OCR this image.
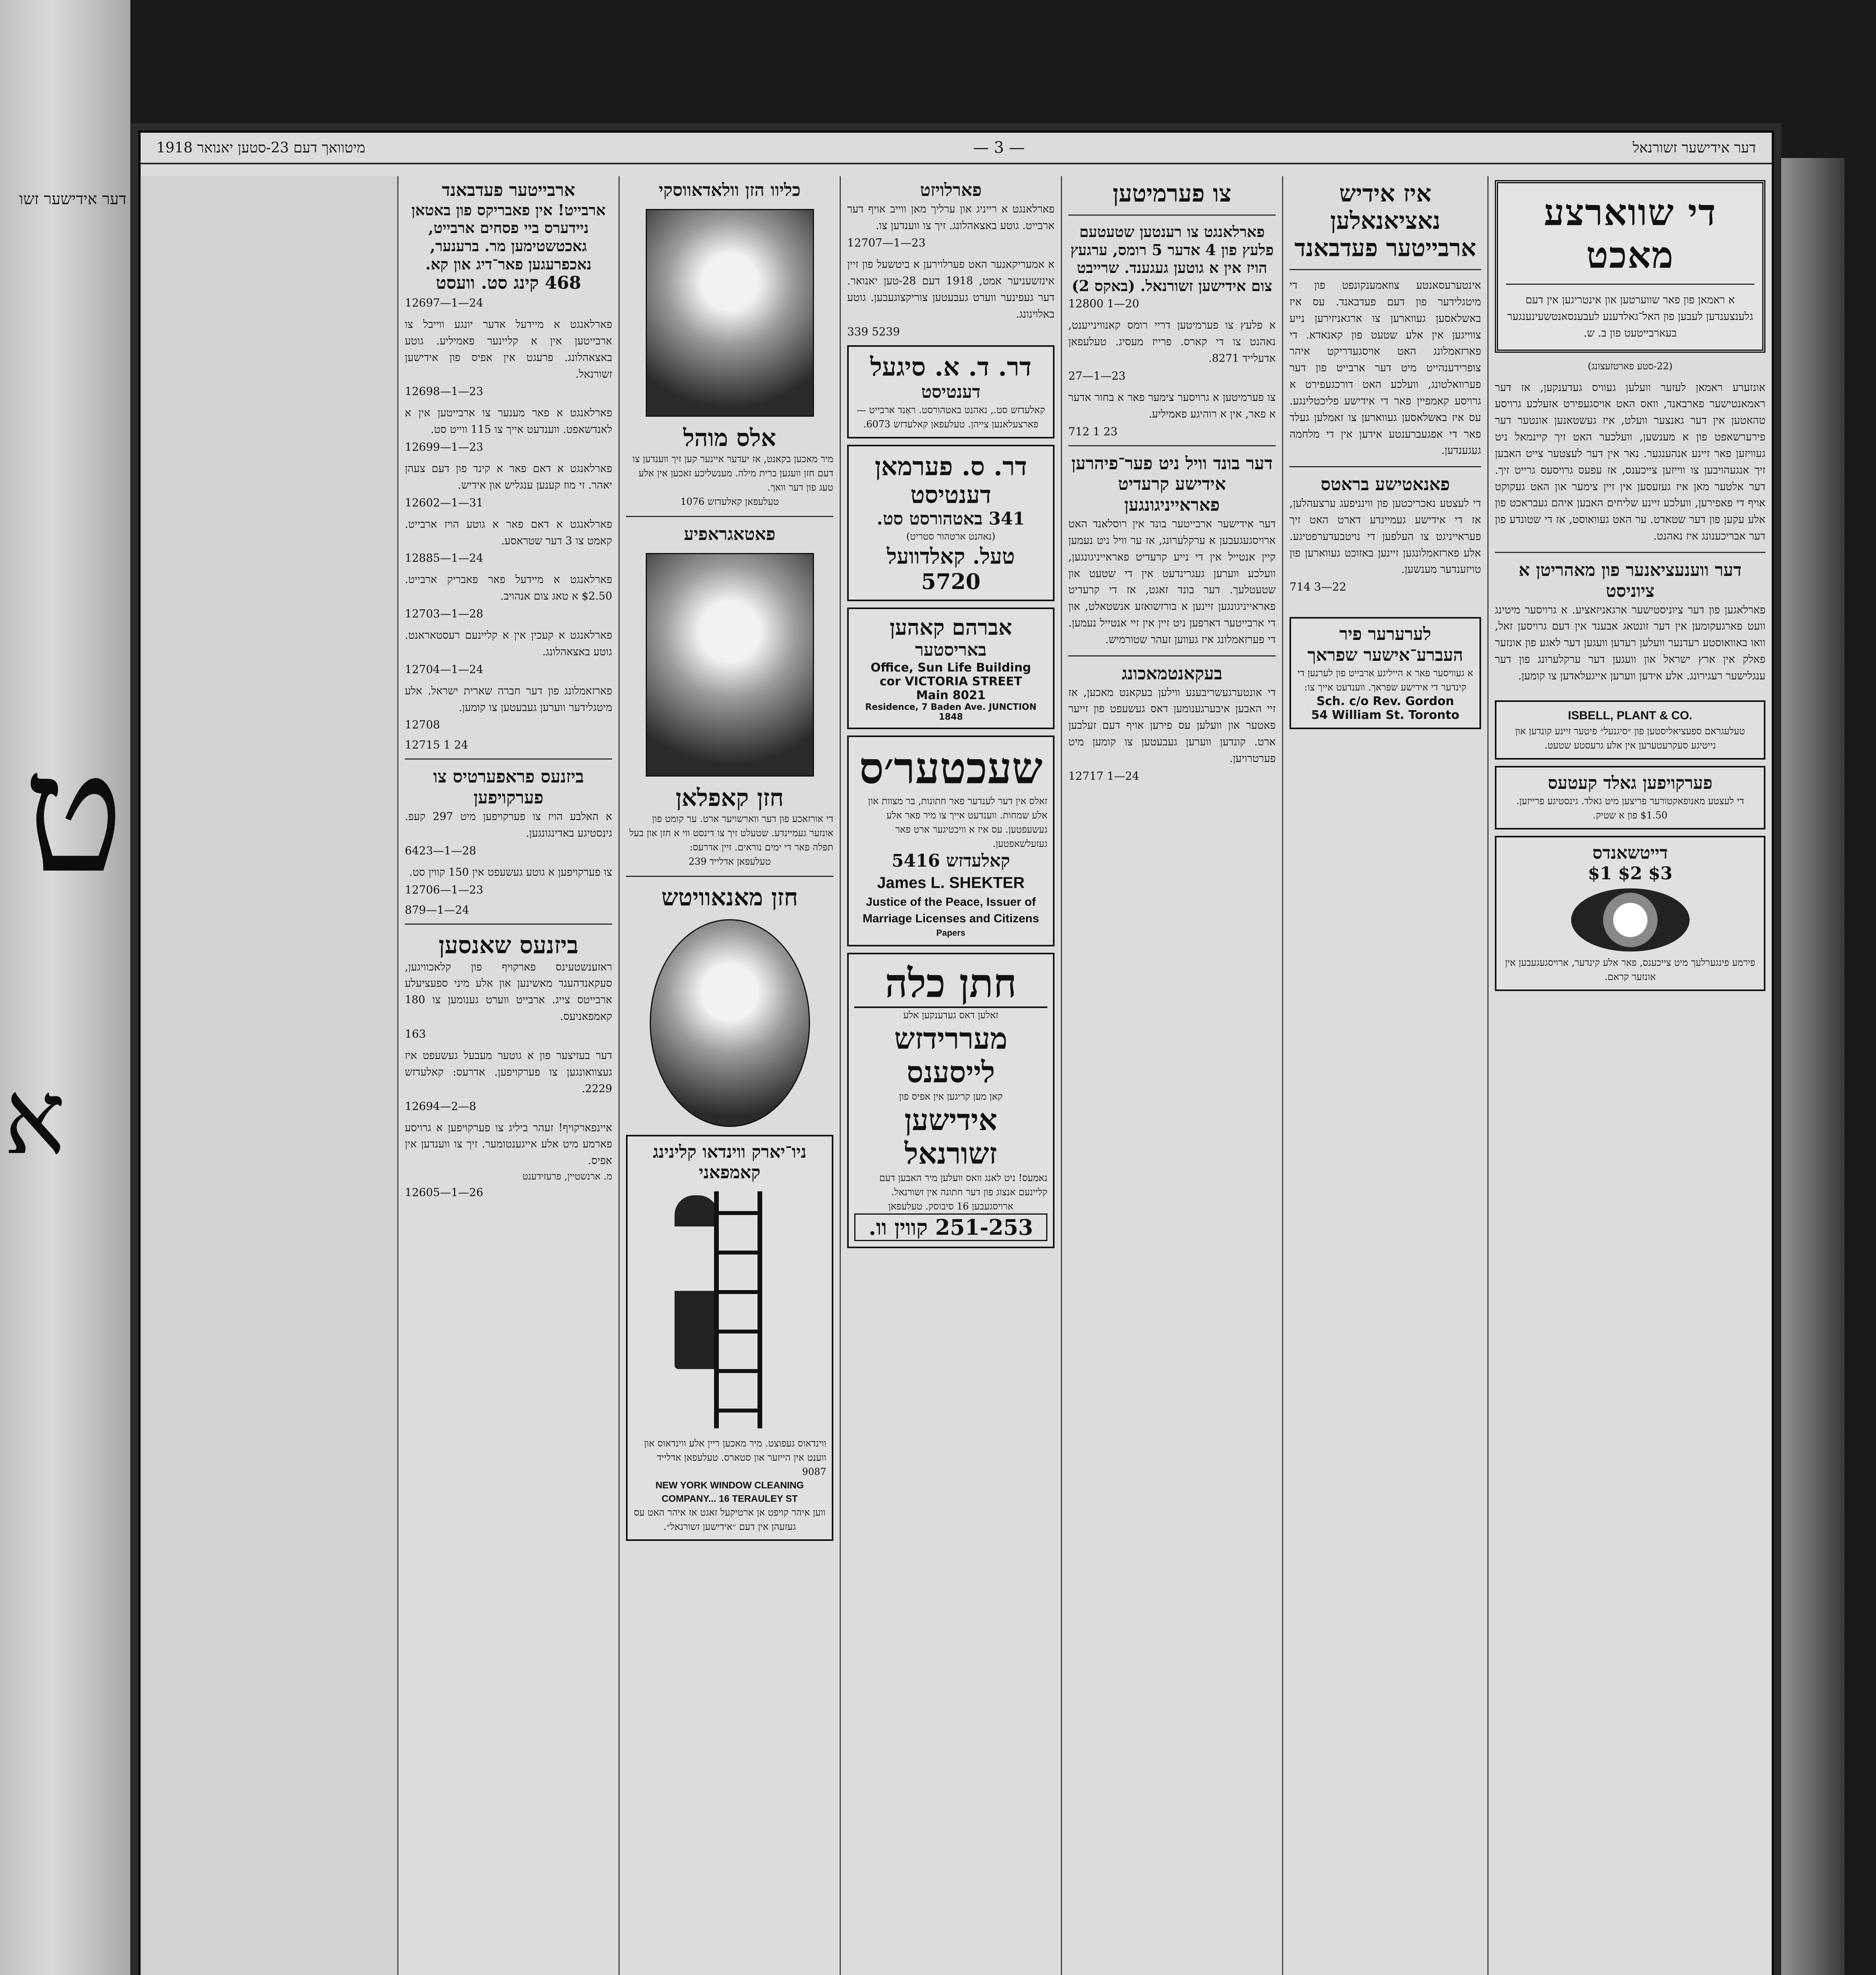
דער אידישער זשו
ט
א
דער אידישער זשורנאל
— 3 —
מיטוואך דעם 23-סטען יאנואר 1918
די שווארצע מאכט
א ראמאן פון פאר שווערטען און אינטריגען אין דעם גלענצענדען לעבען פון האל־גאלדענע לעבענסאנטשעינענגער בעארבייטעט פון ב. ש.
(22-סטע פארטזעצונג)
אונזערע ראמאן לעזער וועלען געוויס געדענקען, אז דער ראמאנטישער פארבאנד, וואס האט אויסגעפירט אזעלכע גרויסע טהאטען אין דער גאנצער וועלט, איז געשטאנען אונטער דער פירערשאפט פון א מענשען, וועלכער האט זיך קיינמאל ניט געוויזען פאר זיינע אנהענגער. נאר אין דער לעצטער צייט האבען זיך אנגעהויבען צו ווייזען צייכענס, אז עפעס גרויסעס גרייט זיך. דער אלטער מאן איז געזעסען אין זיין צימער און האט געקוקט אויף די פאפירען, וועלכע זיינע שליחים האבען איהם געבראכט פון אלע עקען פון דער שטאדט. ער האט געוואוסט, אז די שטונדע פון דער אבריכענונג איז נאהנט.
דער ווענעציאנער פון מאהריטן א ציוניסט
פארלאגען פון דער ציוניסטישער ארגאניזאציע. א גרויסער מיטינג וועט פארגעקומען אין דער זונטאג אבענד אין דעם גרויסען זאל, וואו באוואוסטע רעדנער וועלען רעדען וועגען דער לאגע פון אונזער פאלק אין ארץ ישראל און וועגען דער ערקלערונג פון דער ענגלישער רעגירונג. אלע אידען ווערען אייגעלאדען צו קומען.
ISBELL, PLANT & CO.
טעלעגראם ספעציאליסטען פון ״סיגנעל״ פיטער זיינע קונדען און נייטיגע סעקרעטערען אין אלע גרעסטע שטעט.
פערקויפען גאלד קעטעס
די לעצטע מאנופאקטורער פריצען מיט גאלד. גינסטיגע פרייזען. $1.50 פון א שטיק.
דייטשאנדס
$1 $2 $3
פירמע פינגערלעך מיט צייכענס, פאר אלע קינדער, ארויסגעגעבען אין אונזער קראם.
איז אידיש נאציאנאלען ארבייטער פעדבאנד
אינטערעסאנטע צוזאמענקונפט פון די מיטגלידער פון דעם פעדבאנד. עס איז באשלאסען געווארען צו ארגאניזירען נייע צווייגען אין אלע שטעט פון קאנאדא. די פארזאמלונג האט אויסגעדריקט איהר צופרידענהייט מיט דער ארבייט פון דער פערוואלטונג, וועלכע האט דורכגעפירט א גרויסע קאמפיין פאר די אידישע פליכטלינגע. עס איז באשלאסען געווארען צו זאמלען געלד פאר די אפגעברענטע אידען אין די מלחמה געגענדען.
פאנאטישע בראטס
די לעצטע נאכריכטען פון ווינניפעג ערצעהלען, אז די אידישע געמיינדע דארט האט זיך פעראייניגט צו העלפען די נויטבעדערפטיגע. אלע פארזאמלונגען זיינען באזוכט געווארען פון טויזענדער מענשען.
714 3—22
לערערער פיר העברע־אישער שפראך
א געוויסער פאר א הייליגע ארבייט פון לערנען די קינדער די אידישע שפראך. ווענדעט אייך צו:
Sch. c/o Rev. Gordon
54 William St. Toronto
צו פערמיטען
פארלאנגט צו רענטען שטעטעם פלעץ פון 4 אדער 5 רומס, ערגעץ הויז אין א גוטען געגענד. שרייבט צום אידישען זשורנאל. (באקס 2)
12800 1—20
א פלעץ צו פערמיטען דריי רומס קאנווינייענט, נאהנט צו די קארס. פרייז מעסיג. טעלעפאן אדעלייד 8271.
27—1—23
צו פערמיטען א גרויסער צימער פאר א בחור אדער א פאר, אין א רוהיגע פאמיליע.
712 1 23
דער בונד וויל ניט פער־פיהרען אידישע קרעדיט פאראייניגונגען
דער אידישער ארבייטער בונד אין רוסלאנד האט ארויסגעגעבען א ערקלערונג, אז ער וויל ניט נעמען קיין אנטייל אין די נייע קרעדיט פאראייניגונגען, וועלכע ווערען געגרינדעט אין די שטעט און שטעטלעך. דער בונד זאגט, אז די קרעדיט פאראייניגונגען זיינען א בורזשואזע אנשטאלט, און די ארבייטער דארפען ניט זיין אין זיי אנטייל נעמען. די פערזאמלונג איז געווען זעהר שטורמיש.
בעקאנטמאכונג
די אונטערגעשריבענע ווילען בעקאנט מאכען, אז זיי האבען איבערגענומען דאס געשעפט פון זייער פאטער און וועלען עס פירען אויף דעם זעלבען ארט. קונדען ווערען געבעטען צו קומען מיט פערטרויען.
12717 1—24
פארלויזט
פארלאנגט א רייניג און ערליך מאן ווייב אויף דער ארבייט. גוטע באצאהלונג. זיך צו ווענדען צו.
12707—1—23
א אמעריקאנער האט פערלוירען א ביטשעל פון זיין אינזשעניער אמט, 1918 דעם 28-טען יאנואר. דער געפינער ווערט געבעטען צוריקצוגעבען. גוטע באלוינונג.
339 5239
דר. ד. א. סיגעל
דענטיסט
קאלעדזש סט., נאהנט באטהורסט. ראַנד ארבייט — פארצעלאנען צייהן. טעלעפאן קאלעדזש 6073.
דר. ס. פערמאן
דענטיסט
341 באטהורסט סט.
(נאהנט ארטהור סטריט)
טעל. קאלדוועל 5720
אברהם קאהען
באריסטער
Office, Sun Life Building
cor VICTORIA STREET
Main 8021
Residence, 7 Baden Ave. JUNCTION 1848
שעכטער׳ס
זאלס אין דער לענדער פאר חתונות, בר מצוות און אלע שמחות. ווענדעט אייך צו מיר פאר אלע געשעפטען. עס איז א וויכטיגער ארט פאר געזעלשאפטען.
קאלעדזש 5416
James L. SHEKTER
Justice of the Peace, Issuer of
Marriage Licenses and Citizens
Papers
חתן כלה
זאלען דאס געדענקען אלע
מעררידזש לייסענס
קאן מען קריגען אין אפיס פון
אידישען זשורנאל
נאמעס! ניט לאנג וואס וועלען מיר האבען דעם קליינעם אנצוג פון דער חתונה אין זשורנאל.
ארויסגעבען 16 סיבוסק. טעלעפאן
251-253 קווין וו.
כליוו הזן וולאדאווסקי
אלס מוהל
מיר מאכען בקאנט, אז יעדער איינער קען זיך ווענדען צו דעם חזן וועגען ברית מילה. מענשליכע זאכען אין אלע טעג פון דער וואך.
טעלעפאן קאלעדזש 1076
פאטאגראפיע
חזן קאפלאן
די אורזאכע פון דער ווארשויער ארט. ער קומט פון אונזער געמיינדע. שטעלט זיך צו דינסט ווי א חזן און בעל תפלה פאר די ימים נוראים. זיין אדרעס:
טעלעפאן אדלייד 239
חזן מאנאוויטש
ניו־יארק ווינדאו קלינינג קאמפאני
ווינדאוס געפוצט. מיר מאכען ריין אלע ווינדאוס און ווענט אין הייזער און סטארס. טעלעפאן אדלייד 9087
NEW YORK WINDOW CLEANING COMPANY... 16 TERAULEY ST
ווען איהר קויפט אן ארטיקעל זאגט אז איהר האט עס געזעהן אין דעם ״אידישען זשורנאל״.
ארבייטער פעדבאנד
ארבייט! אין פאבריקס פון באטאן ניידערס ביי פסחים ארבייט, גאכטשטימען מר. ברענער, נאכפרעגען פאר־דיג און קא.
468 קינג סט. וועסט
12697—1—24
פארלאנגט א מיידעל אדער יונגע ווייבל צו ארבייטען אין א קליינער פאמיליע. גוטע באצאהלונג. פרעגט אין אפיס פון אידישען זשורנאל.
12698—1—23
פארלאנגט א פאר מענער צו ארבייטען אין א לאנדשאפט. ווענדעט אייך צו 115 ווייט סט.
12699—1—23
פארלאנגט א דאם פאר א קינד פון דעם צעהן יאהר. זי מוז קענען ענגליש און אידיש.
12602—1—31
פארלאנגט א דאם פאר א גוטע הויז ארבייט. קאמט צו 3 דער שטראסע.
12885—1—24
פארלאנגט א מיידעל פאר פאבריק ארבייט. $2.50 א טאג צום אנהויב.
12703—1—28
פארלאנגט א קעכין אין א קליינעם רעסטאראנט. גוטע באצאהלונג.
12704—1—24
פארזאמלונג פון דער חברה שארית ישראל. אלע מיטגלידער ווערען געבעטען צו קומען.
12708
12715 1 24
ביזנעס פראפערטיס צו פערקויפען
א האלבע הויז צו פערקויפען מיט 297 קעפ. גינסטיגע באדינגונגען.
6423—1—28
צו פערקויפען א גוטע געשעפט אין 150 קווין סט.
12706—1—23
879—1—24
ביזנעס שאנסען
ראזענשטעינס פארקויף פון קלאכוויגען, סעקאנדהענד מאשינען און אלע מיני ספעציעלע ארבייטס צייג. ארבייט ווערט גענומען צו 180 קאמפאניעס.
163
דער בעזיצער פון א גוטער מעבעל געשעפט איז געצוואונגען צו פערקויפען. אדרעס: קאלעדזש 2229.
12694—2—8
איינפארקויף! זעהר ביליג צו פערקויפען א גרויסע פארמע מיט אלע אייגענטומער. זיך צו ווענדען אין אפיס.
מ. ארנשטיין, פרעזידענט
12605—1—26
